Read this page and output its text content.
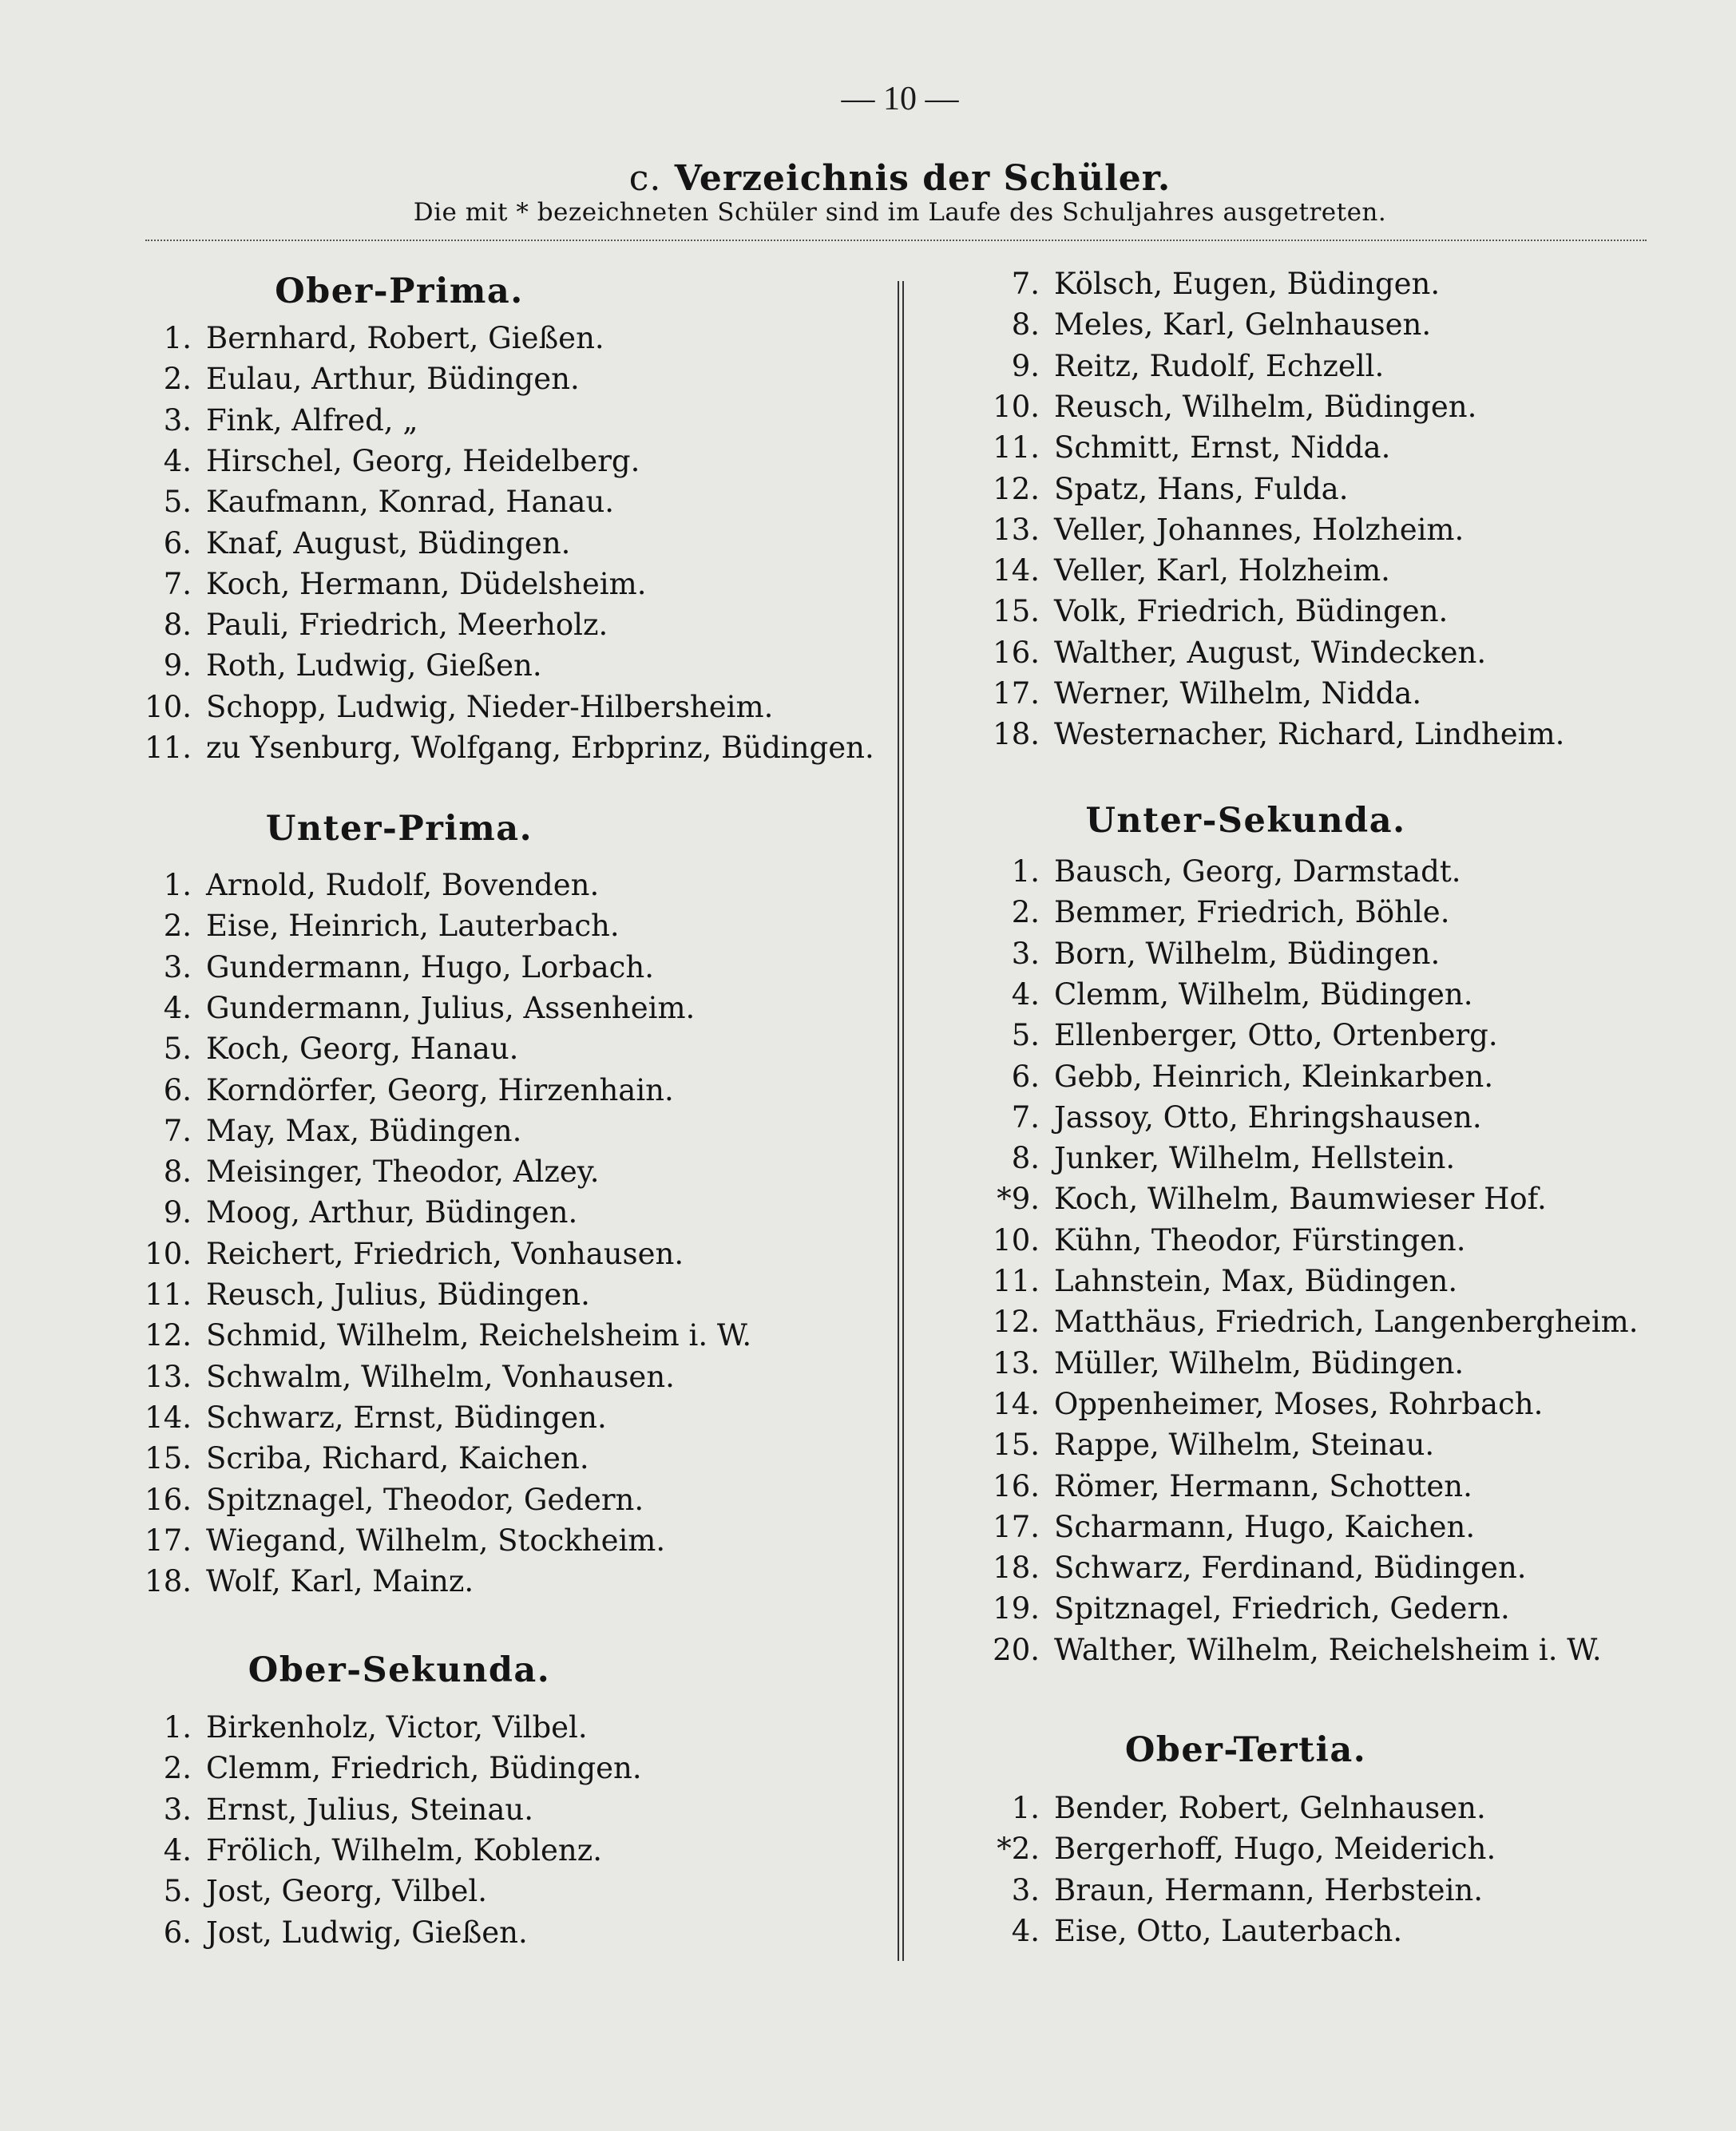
— 10 —
c. Verzeichnis der Schüler.
Die mit * bezeichneten Schüler sind im Laufe des Schuljahres ausgetreten.
Ober-Prima.
1. Bernhard, Robert, Gießen.
2. Eulau, Arthur, Büdingen.
3. Fink, Alfred, „
4. Hirschel, Georg, Heidelberg.
5. Kaufmann, Konrad, Hanau.
6. Knaf, August, Büdingen.
7. Koch, Hermann, Düdelsheim.
8. Pauli, Friedrich, Meerholz.
9. Roth, Ludwig, Gießen.
10. Schopp, Ludwig, Nieder-Hilbersheim.
11. zu Ysenburg, Wolfgang, Erbprinz, Büdingen.
Unter-Prima.
1. Arnold, Rudolf, Bovenden.
2. Eise, Heinrich, Lauterbach.
3. Gundermann, Hugo, Lorbach.
4. Gundermann, Julius, Assenheim.
5. Koch, Georg, Hanau.
6. Korndörfer, Georg, Hirzenhain.
7. May, Max, Büdingen.
8. Meisinger, Theodor, Alzey.
9. Moog, Arthur, Büdingen.
10. Reichert, Friedrich, Vonhausen.
11. Reusch, Julius, Büdingen.
12. Schmid, Wilhelm, Reichelsheim i. W.
13. Schwalm, Wilhelm, Vonhausen.
14. Schwarz, Ernst, Büdingen.
15. Scriba, Richard, Kaichen.
16. Spitznagel, Theodor, Gedern.
17. Wiegand, Wilhelm, Stockheim.
18. Wolf, Karl, Mainz.
Ober-Sekunda.
1. Birkenholz, Victor, Vilbel.
2. Clemm, Friedrich, Büdingen.
3. Ernst, Julius, Steinau.
4. Frölich, Wilhelm, Koblenz.
5. Jost, Georg, Vilbel.
6. Jost, Ludwig, Gießen.
7. Kölsch, Eugen, Büdingen.
8. Meles, Karl, Gelnhausen.
9. Reitz, Rudolf, Echzell.
10. Reusch, Wilhelm, Büdingen.
11. Schmitt, Ernst, Nidda.
12. Spatz, Hans, Fulda.
13. Veller, Johannes, Holzheim.
14. Veller, Karl, Holzheim.
15. Volk, Friedrich, Büdingen.
16. Walther, August, Windecken.
17. Werner, Wilhelm, Nidda.
18. Westernacher, Richard, Lindheim.
Unter-Sekunda.
1. Bausch, Georg, Darmstadt.
2. Bemmer, Friedrich, Böhle.
3. Born, Wilhelm, Büdingen.
4. Clemm, Wilhelm, Büdingen.
5. Ellenberger, Otto, Ortenberg.
6. Gebb, Heinrich, Kleinkarben.
7. Jassoy, Otto, Ehringshausen.
8. Junker, Wilhelm, Hellstein.
*9. Koch, Wilhelm, Baumwieser Hof.
10. Kühn, Theodor, Fürstingen.
11. Lahnstein, Max, Büdingen.
12. Matthäus, Friedrich, Langenbergheim.
13. Müller, Wilhelm, Büdingen.
14. Oppenheimer, Moses, Rohrbach.
15. Rappe, Wilhelm, Steinau.
16. Römer, Hermann, Schotten.
17. Scharmann, Hugo, Kaichen.
18. Schwarz, Ferdinand, Büdingen.
19. Spitznagel, Friedrich, Gedern.
20. Walther, Wilhelm, Reichelsheim i. W.
Ober-Tertia.
1. Bender, Robert, Gelnhausen.
*2. Bergerhoff, Hugo, Meiderich.
3. Braun, Hermann, Herbstein.
4. Eise, Otto, Lauterbach.
